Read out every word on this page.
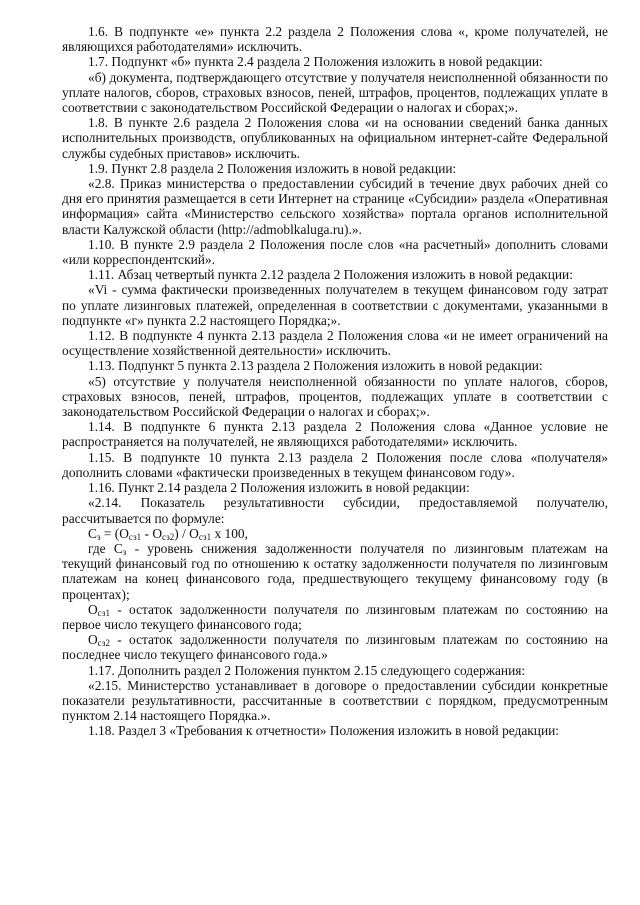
1.6. В подпункте «е» пункта 2.2 раздела 2 Положения слова «, кроме получателей, не являющихся работодателями» исключить.

1.7. Подпункт «б» пункта 2.4 раздела 2 Положения изложить в новой редакции:

«б) документа, подтверждающего отсутствие у получателя неисполненной обязанности по уплате налогов, сборов, страховых взносов, пеней, штрафов, процентов, подлежащих уплате в соответствии с законодательством Российской Федерации о налогах и сборах;».

1.8. В пункте 2.6 раздела 2 Положения слова «и на основании сведений банка данных исполнительных производств, опубликованных на официальном интернет-сайте Федеральной службы судебных приставов» исключить.

1.9. Пункт 2.8 раздела 2 Положения изложить в новой редакции:

«2.8. Приказ министерства о предоставлении субсидий в течение двух рабочих дней со дня его принятия размещается в сети Интернет на странице «Субсидии» раздела «Оперативная информация» сайта «Министерство сельского хозяйства» портала органов исполнительной власти Калужской области (http://admoblkaluga.ru).».

1.10. В пункте 2.9 раздела 2 Положения после слов «на расчетный» дополнить словами «или корреспондентский».

1.11. Абзац четвертый пункта 2.12 раздела 2 Положения изложить в новой редакции:

«Vi - сумма фактически произведенных получателем в текущем финансовом году затрат по уплате лизинговых платежей, определенная в соответствии с документами, указанными в подпункте «г» пункта 2.2 настоящего Порядка;».

1.12. В подпункте 4 пункта 2.13 раздела 2 Положения слова «и не имеет ограничений на осуществление хозяйственной деятельности» исключить.

1.13. Подпункт 5 пункта 2.13 раздела 2 Положения изложить в новой редакции:

«5) отсутствие у получателя неисполненной обязанности по уплате налогов, сборов, страховых взносов, пеней, штрафов, процентов, подлежащих уплате в соответствии с законодательством Российской Федерации о налогах и сборах;».

1.14. В подпункте 6 пункта 2.13 раздела 2 Положения слова «Данное условие не распространяется на получателей, не являющихся работодателями» исключить.

1.15. В подпункте 10 пункта 2.13 раздела 2 Положения после слова «получателя» дополнить словами «фактически произведенных в текущем финансовом году».

1.16. Пункт 2.14 раздела 2 Положения изложить в новой редакции:

«2.14. Показатель результативности субсидии, предоставляемой получателю, рассчитывается по формуле:

$С_з = (О_{сз1} - О_{сз2}) / О_{сз1}$ х 100,

где $С_з$ - уровень снижения задолженности получателя по лизинговым платежам на текущий финансовый год по отношению к остатку задолженности получателя по лизинговым платежам на конец финансового года, предшествующего текущему финансовому году (в процентах);

$О_{сз1}$ - остаток задолженности получателя по лизинговым платежам по состоянию на первое число текущего финансового года;

$О_{сз2}$ - остаток задолженности получателя по лизинговым платежам по состоянию на последнее число текущего финансового года.»

1.17. Дополнить раздел 2 Положения пунктом 2.15 следующего содержания:

«2.15. Министерство устанавливает в договоре о предоставлении субсидии конкретные показатели результативности, рассчитанные в соответствии с порядком, предусмотренным пунктом 2.14 настоящего Порядка.».

1.18. Раздел 3 «Требования к отчетности» Положения изложить в новой редакции:
